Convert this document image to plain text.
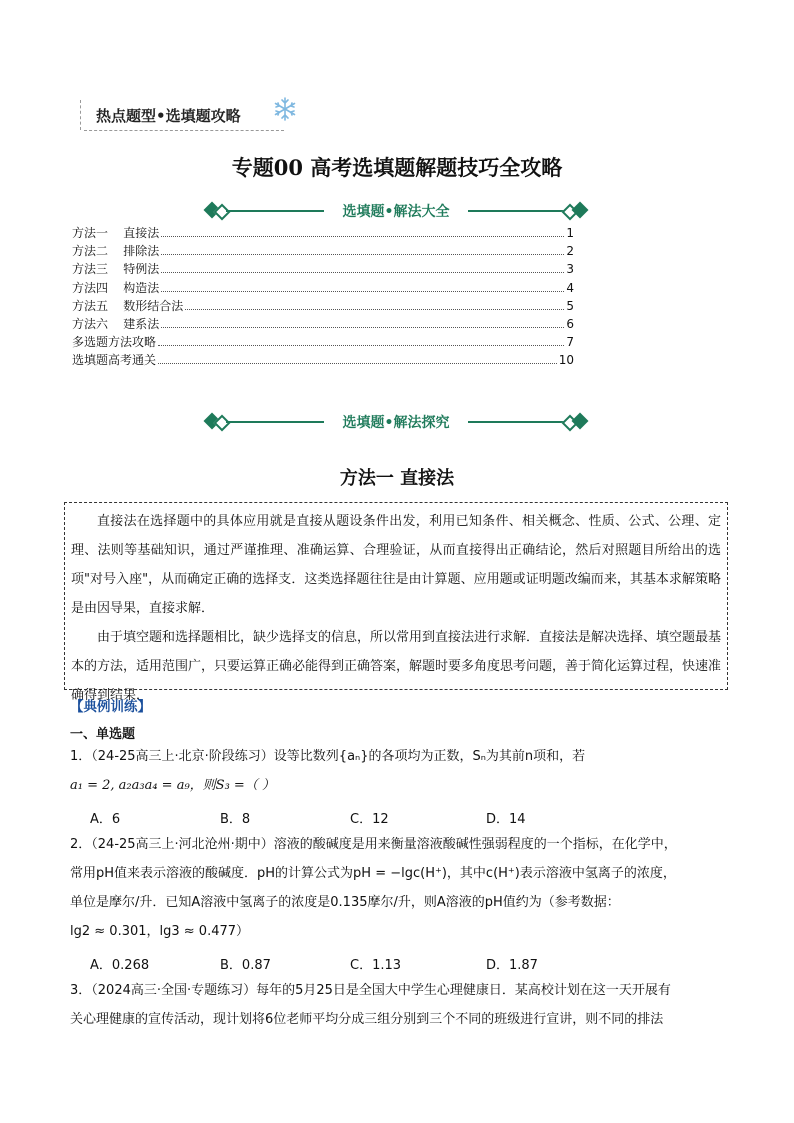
热点题型•选填题攻略
专题00 高考选填题解题技巧全攻略
选填题•解法大全
方法一    直接法	1
方法二    排除法	2
方法三    特例法	3
方法四    构造法	4
方法五    数形结合法	5
方法六    建系法	6
多选题方法攻略	7
选填题高考通关	10
选填题•解法探究
方法一 直接法

直接法在选择题中的具体应用就是直接从题设条件出发，利用已知条件、相关概念、性质、公式、公理、定理、法则等基础知识，通过严谨推理、准确运算、合理验证，从而直接得出正确结论，然后对照题目所给出的选项"对号入座"，从而确定正确的选择支．这类选择题往往是由计算题、应用题或证明题改编而来，其基本求解策略是由因导果，直接求解．

由于填空题和选择题相比，缺少选择支的信息，所以常用到直接法进行求解．直接法是解决选择、填空题最基本的方法，适用范围广，只要运算正确必能得到正确答案，解题时要多角度思考问题，善于简化运算过程，快速准确得到结果．

【典例训练】
一、单选题
1．（24-25高三上·北京·阶段练习）设等比数列{aₙ}的各项均为正数，Sₙ为其前n项和，若
a₁ = 2, a₂a₃a₄ = a₉，则S₃ =（ ）
A．6	B．8	C．12	D．14
2．（24-25高三上·河北沧州·期中）溶液的酸碱度是用来衡量溶液酸碱性强弱程度的一个指标，在化学中，
常用pH值来表示溶液的酸碱度．pH的计算公式为pH = −lgc(H⁺)，其中c(H⁺)表示溶液中氢离子的浓度，
单位是摩尔/升．已知A溶液中氢离子的浓度是0.135摩尔/升，则A溶液的pH值约为（参考数据：
lg2 ≈ 0.301，lg3 ≈ 0.477）
A．0.268	B．0.87	C．1.13	D．1.87
3．（2024高三·全国·专题练习）每年的5月25日是全国大中学生心理健康日．某高校计划在这一天开展有
关心理健康的宣传活动，现计划将6位老师平均分成三组分别到三个不同的班级进行宣讲，则不同的排法
